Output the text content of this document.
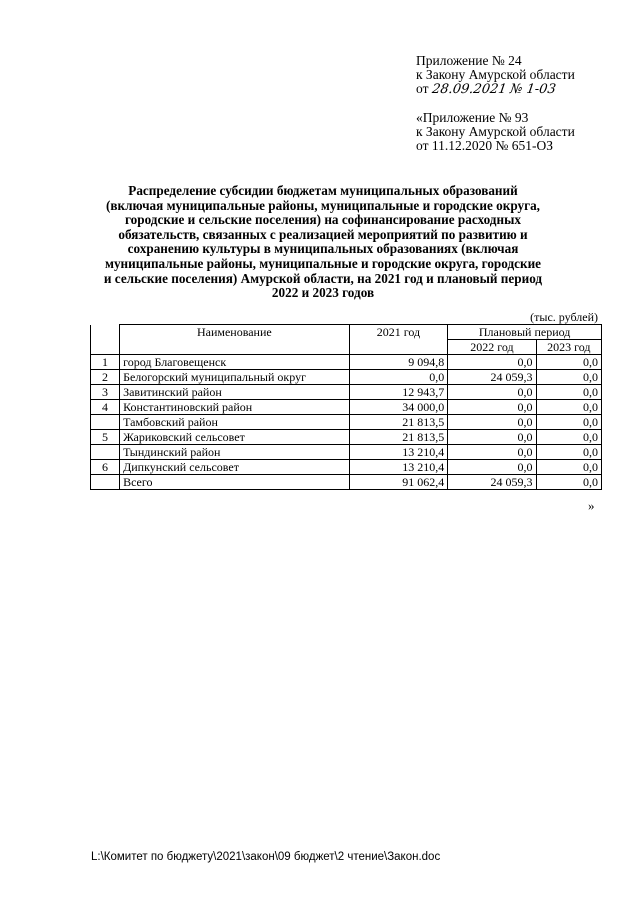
Приложение № 24
к Закону Амурской области
от 28.09.2021 № 1-03
«Приложение № 93
к Закону Амурской области
от 11.12.2020 № 651-ОЗ
Распределение субсидии бюджетам муниципальных образований
(включая муниципальные районы, муниципальные и городские округа,
городские и сельские поселения) на софинансирование расходных
обязательств, связанных с реализацией мероприятий по развитию и
сохранению культуры в муниципальных образованиях (включая
муниципальные районы, муниципальные и городские округа, городские
и сельские поселения) Амурской области, на 2021 год и плановый период
2022 и 2023 годов
(тыс. рублей)
	Наименование	2021 год	Плановый период	
			2022 год	2023 год
1	город Благовещенск	9 094,8	0,0	0,0
2	Белогорский муниципальный округ	0,0	24 059,3	0,0
3	Завитинский район	12 943,7	0,0	0,0
4	Константиновский район	34 000,0	0,0	0,0
	Тамбовский район	21 813,5	0,0	0,0
5	Жариковский сельсовет	21 813,5	0,0	0,0
	Тындинский район	13 210,4	0,0	0,0
6	Дипкунский сельсовет	13 210,4	0,0	0,0
	Всего	91 062,4	24 059,3	0,0
»
L:\Комитет по бюджету\2021\закон\09 бюджет\2 чтение\Закон.doc
